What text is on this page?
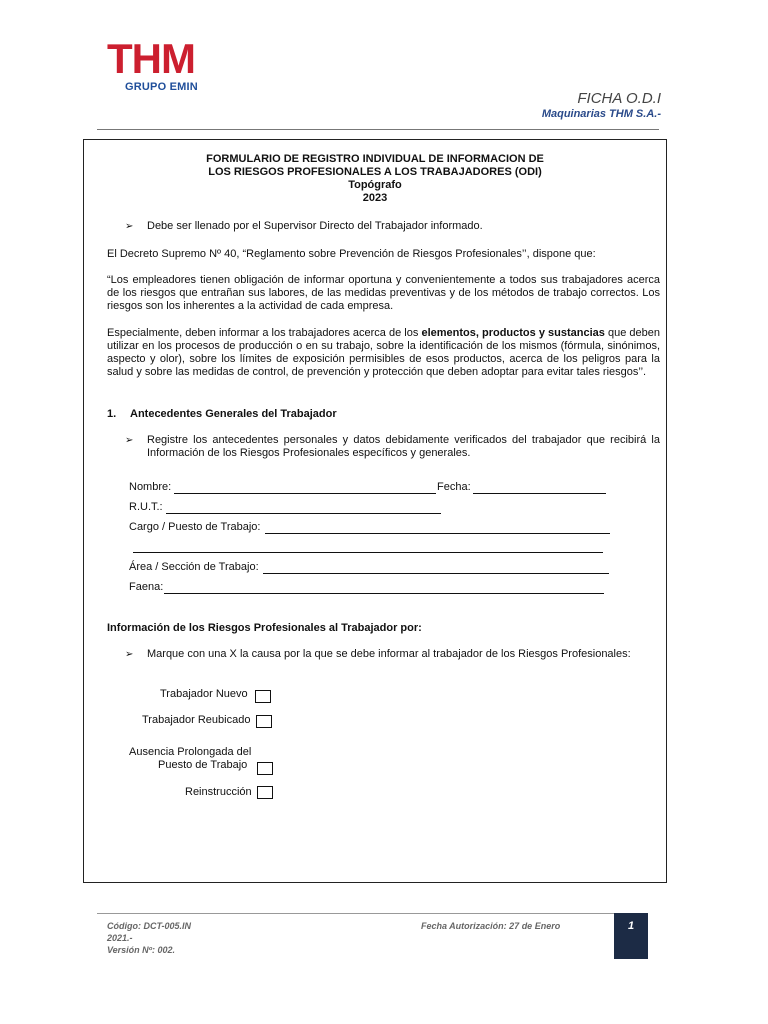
THM
GRUPO EMIN
FICHA O.D.I
Maquinarias THM S.A.-
FORMULARIO DE REGISTRO INDIVIDUAL DE INFORMACION DE
LOS RIESGOS PROFESIONALES A LOS TRABAJADORES (ODI)
Topógrafo
2023
➢ Debe ser llenado por el Supervisor Directo del Trabajador informado.
El Decreto Supremo Nº 40, “Reglamento sobre Prevención de Riesgos Profesionales’’, dispone que:
“Los empleadores tienen obligación de informar oportuna y convenientemente a todos sus trabajadores acerca de los riesgos que entrañan sus labores, de las medidas preventivas y de los métodos de trabajo correctos. Los riesgos son los inherentes a la actividad de cada empresa.
Especialmente, deben informar a los trabajadores acerca de los elementos, productos y sustancias que deben utilizar en los procesos de producción o en su trabajo, sobre la identificación de los mismos (fórmula, sinónimos, aspecto y olor), sobre los límites de exposición permisibles de esos productos, acerca de los peligros para la salud y sobre las medidas de control, de prevención y protección que deben adoptar para evitar tales riesgos’’.
1. Antecedentes Generales del Trabajador
➢ Registre los antecedentes personales y datos debidamente verificados del trabajador que recibirá la Información de los Riesgos Profesionales específicos y generales.
Nombre:	Fecha:
R.U.T.:
Cargo / Puesto de Trabajo:
Área / Sección de Trabajo:
Faena:
Información de los Riesgos Profesionales al Trabajador por:
➢ Marque con una X la causa por la que se debe informar al trabajador de los Riesgos Profesionales:
Trabajador Nuevo
Trabajador Reubicado
Ausencia Prolongada del
Puesto de Trabajo
Reinstrucción
Código: DCT-005.IN	Fecha Autorización: 27 de Enero
2021.-
Versión Nº: 002.
1
